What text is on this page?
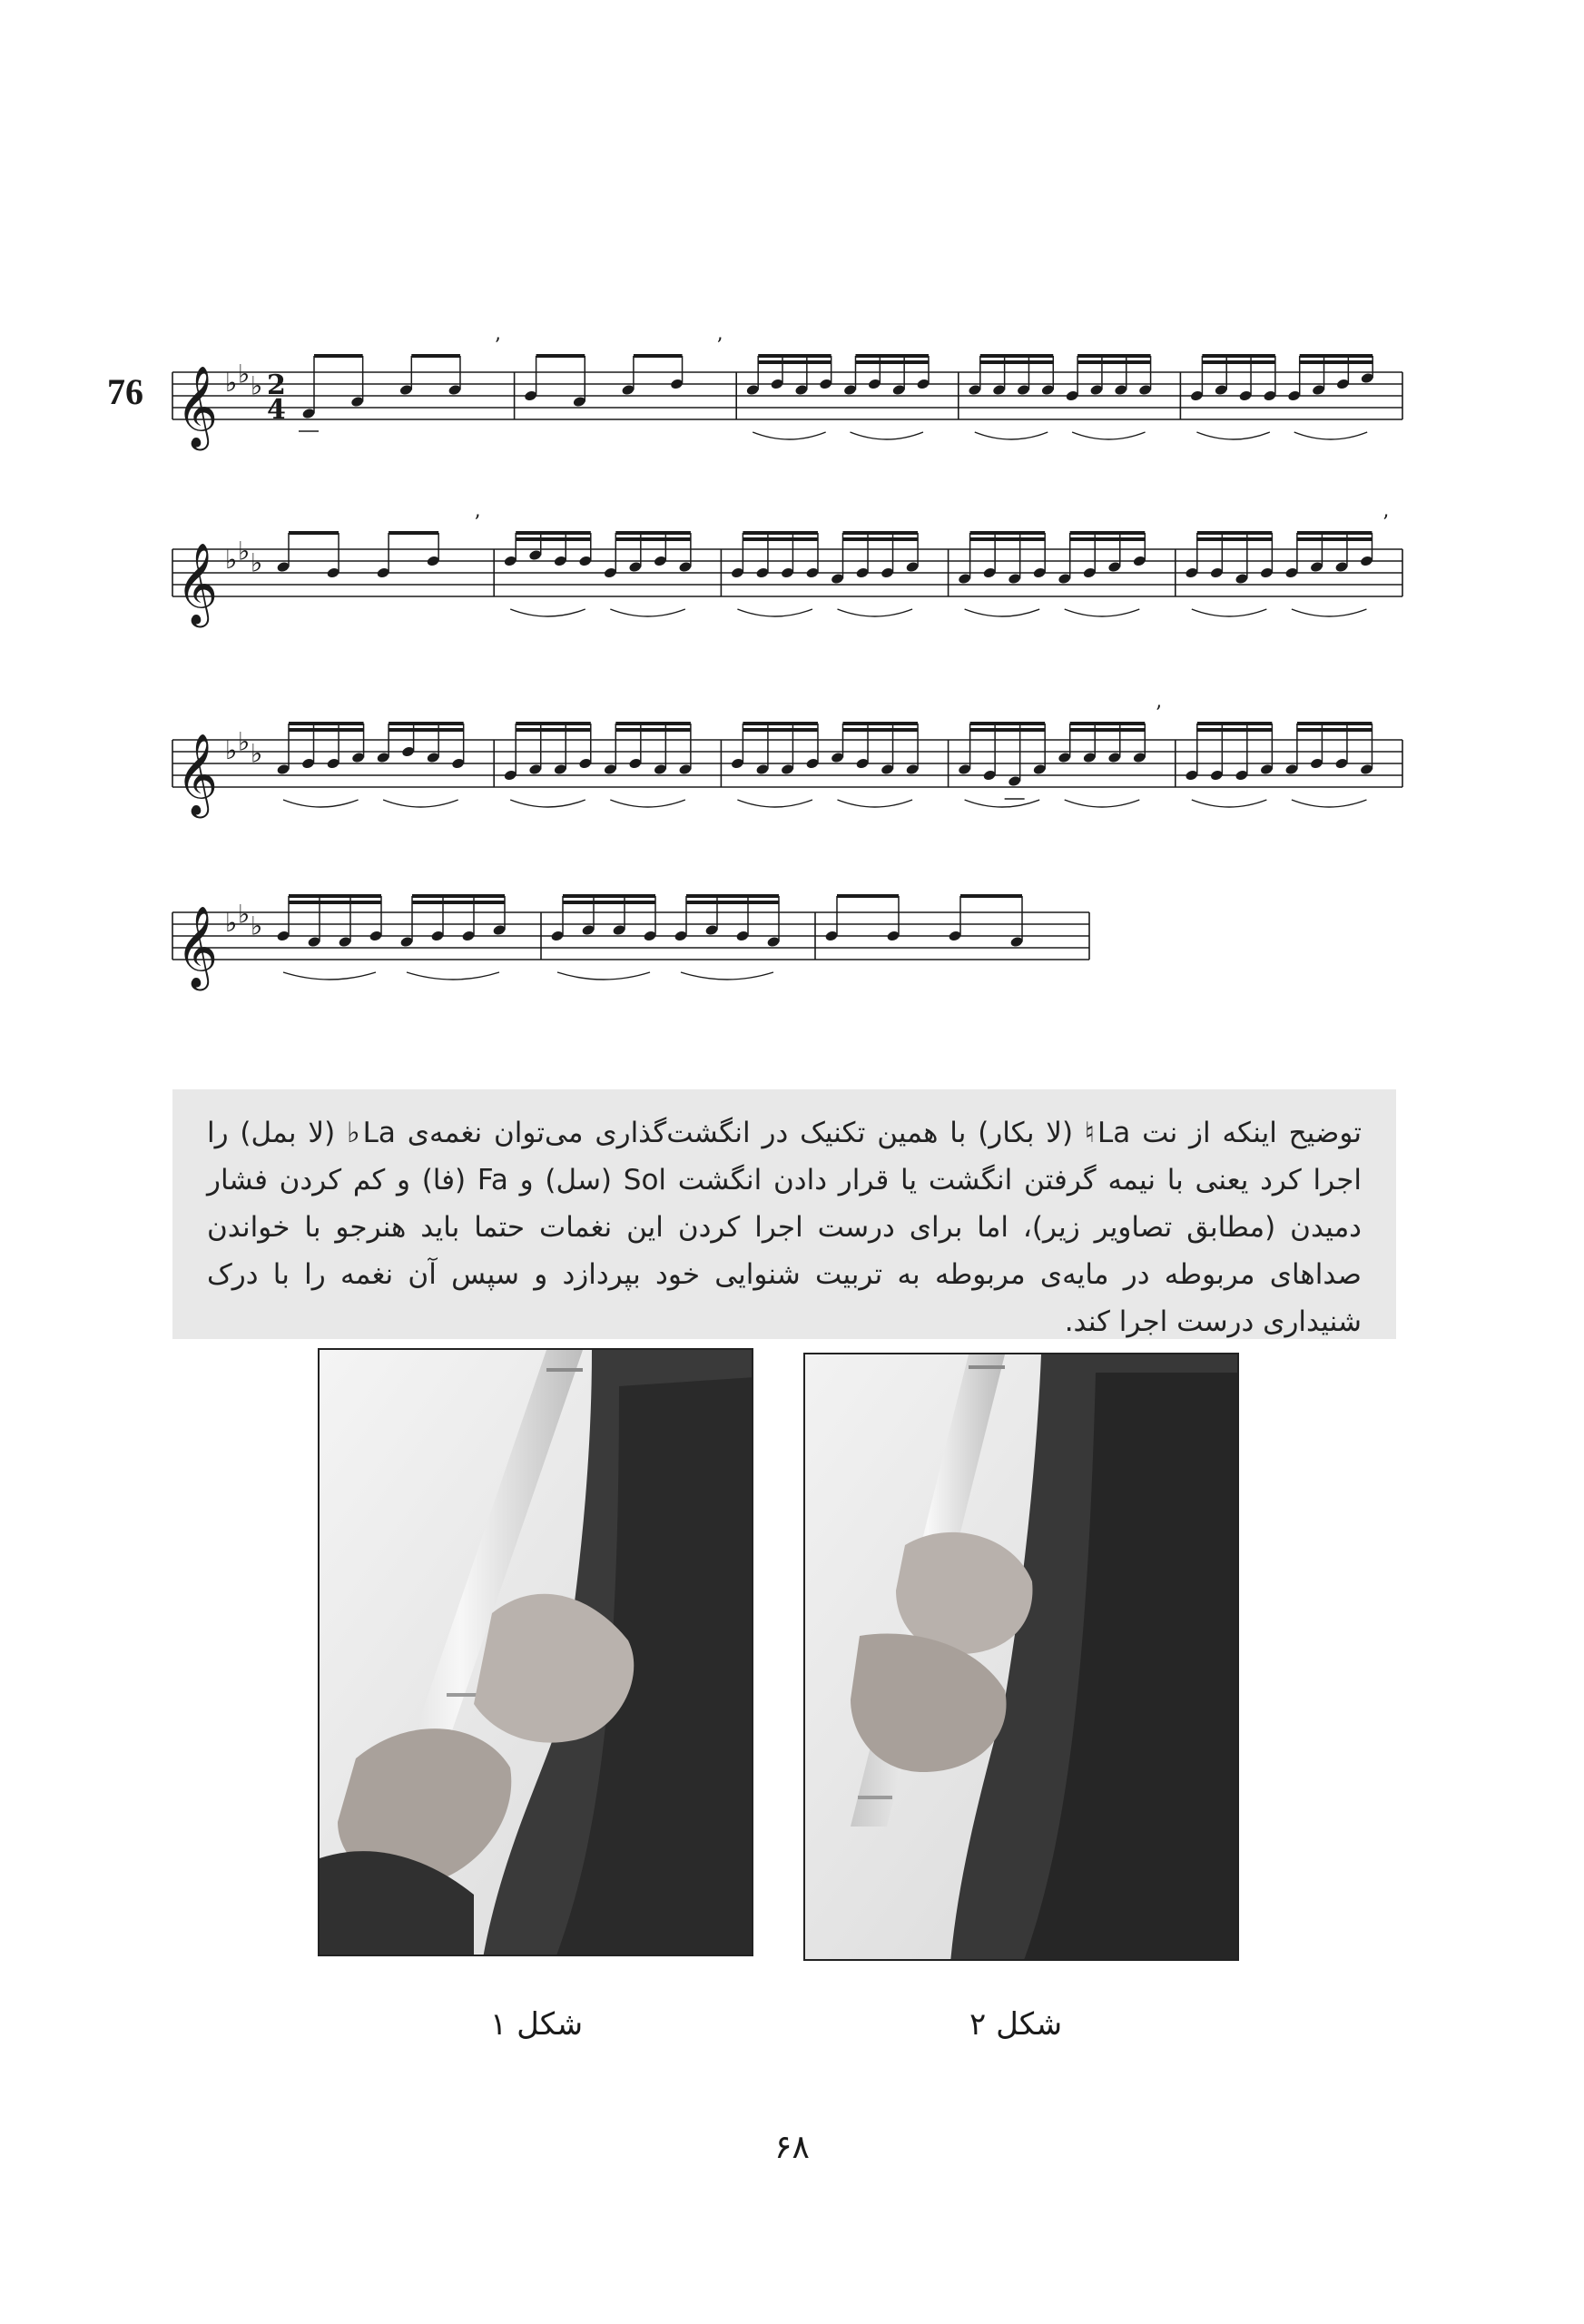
76 𝄞 ♭ ♭ ♭ 2
4
’	’
𝄞 ♭ ♭ ♭
’	’
𝄞 ♭ ♭ ♭
’
𝄞 ♭ ♭ ♭

توضیح اینکه از نت La♮ (لا بکار) با همین تکنیک در انگشت‌گذاری می‌توان نغمه‌ی La♭ (لا بمل) را اجرا کرد یعنی با نیمه گرفتن انگشت یا قرار دادن انگشت Sol (سل) و Fa (فا) و کم کردن فشار دمیدن (مطابق تصاویر زیر)، اما برای درست اجرا کردن این نغمات حتما باید هنرجو با خواندن صداهای مربوطه در مایه‌ی مربوطه به تربیت شنوایی خود بپردازد و سپس آن نغمه را با درک شنیداری درست اجرا کند.

شکل ۱	شکل ۲
۶۸
